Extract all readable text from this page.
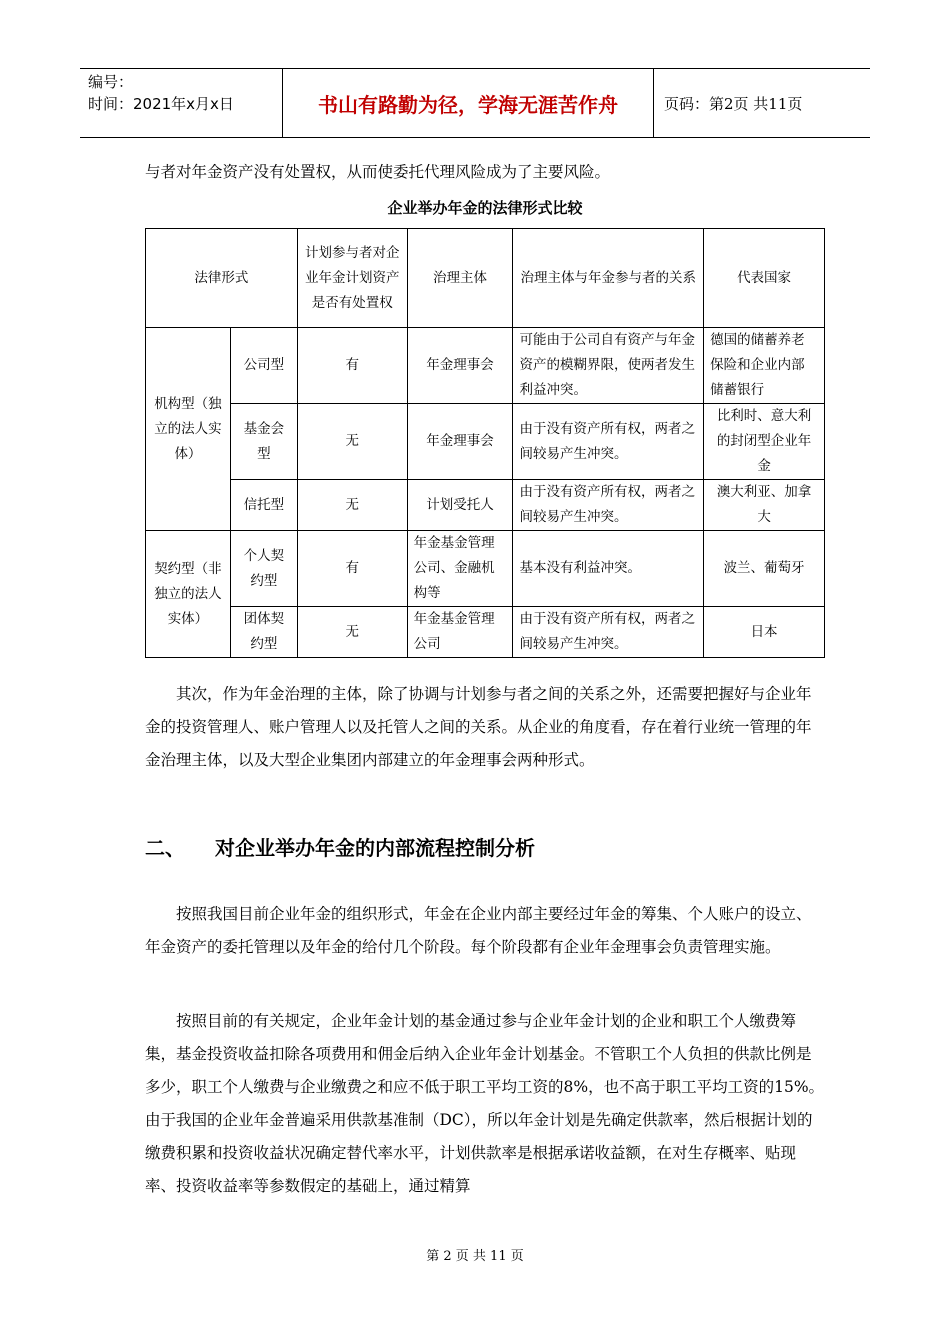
编号：
时间：2021年x月x日	书山有路勤为径，学海无涯苦作舟	页码：第2页 共11页
与者对年金资产没有处置权，从而使委托代理风险成为了主要风险。
企业举办年金的法律形式比较
法律形式		计划参与者对企业年金计划资产是否有处置权	治理主体	治理主体与年金参与者的关系	代表国家
机构型（独立的法人实体）	公司型	有	年金理事会	可能由于公司自有资产与年金资产的模糊界限，使两者发生利益冲突。	德国的储蓄养老保险和企业内部储蓄银行
	基金会型	无	年金理事会	由于没有资产所有权，两者之间较易产生冲突。	比利时、意大利的封闭型企业年金
	信托型	无	计划受托人	由于没有资产所有权，两者之间较易产生冲突。	澳大利亚、加拿大
契约型（非独立的法人实体）	个人契约型	有	年金基金管理公司、金融机构等	基本没有利益冲突。	波兰、葡萄牙
	团体契约型	无	年金基金管理公司	由于没有资产所有权，两者之间较易产生冲突。	日本
其次，作为年金治理的主体，除了协调与计划参与者之间的关系之外，还需要把握好与企业年金的投资管理人、账户管理人以及托管人之间的关系。从企业的角度看，存在着行业统一管理的年金治理主体，以及大型企业集团内部建立的年金理事会两种形式。
二、 对企业举办年金的内部流程控制分析
按照我国目前企业年金的组织形式，年金在企业内部主要经过年金的筹集、个人账户的设立、年金资产的委托管理以及年金的给付几个阶段。每个阶段都有企业年金理事会负责管理实施。
按照目前的有关规定，企业年金计划的基金通过参与企业年金计划的企业和职工个人缴费筹集，基金投资收益扣除各项费用和佣金后纳入企业年金计划基金。不管职工个人负担的供款比例是多少，职工个人缴费与企业缴费之和应不低于职工平均工资的8%，也不高于职工平均工资的15%。由于我国的企业年金普遍采用供款基准制（DC），所以年金计划是先确定供款率，然后根据计划的缴费积累和投资收益状况确定替代率水平，计划供款率是根据承诺收益额，在对生存概率、贴现率、投资收益率等参数假定的基础上，通过精算
第 2 页 共 11 页
